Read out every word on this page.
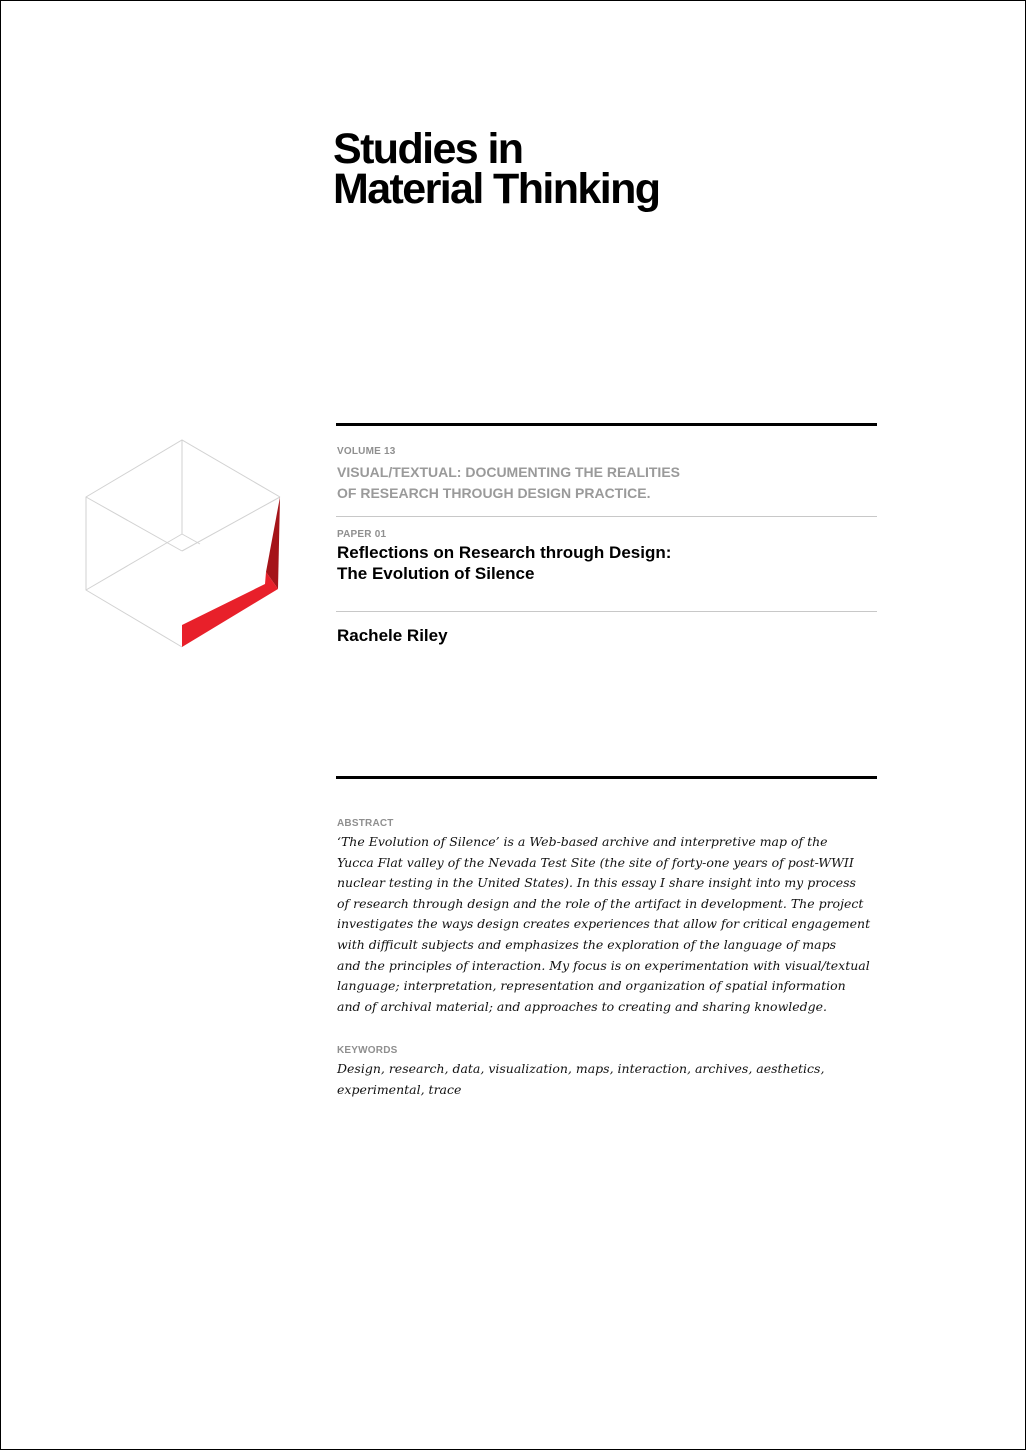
Studies in
Material Thinking
VOLUME 13
VISUAL/TEXTUAL: DOCUMENTING THE REALITIES
OF RESEARCH THROUGH DESIGN PRACTICE.
PAPER 01
Reflections on Research through Design:
The Evolution of Silence

Rachele Riley

ABSTRACT

‘The Evolution of Silence’ is a Web-based archive and interpretive map of the
Yucca Flat valley of the Nevada Test Site (the site of forty-one years of post-WWII
nuclear testing in the United States). In this essay I share insight into my process
of research through design and the role of the artifact in development. The project
investigates the ways design creates experiences that allow for critical engagement
with difficult subjects and emphasizes the exploration of the language of maps
and the principles of interaction. My focus is on experimentation with visual/textual
language; interpretation, representation and organization of spatial information
and of archival material; and approaches to creating and sharing knowledge.

KEYWORDS

Design, research, data, visualization, maps, interaction, archives, aesthetics,
experimental, trace
